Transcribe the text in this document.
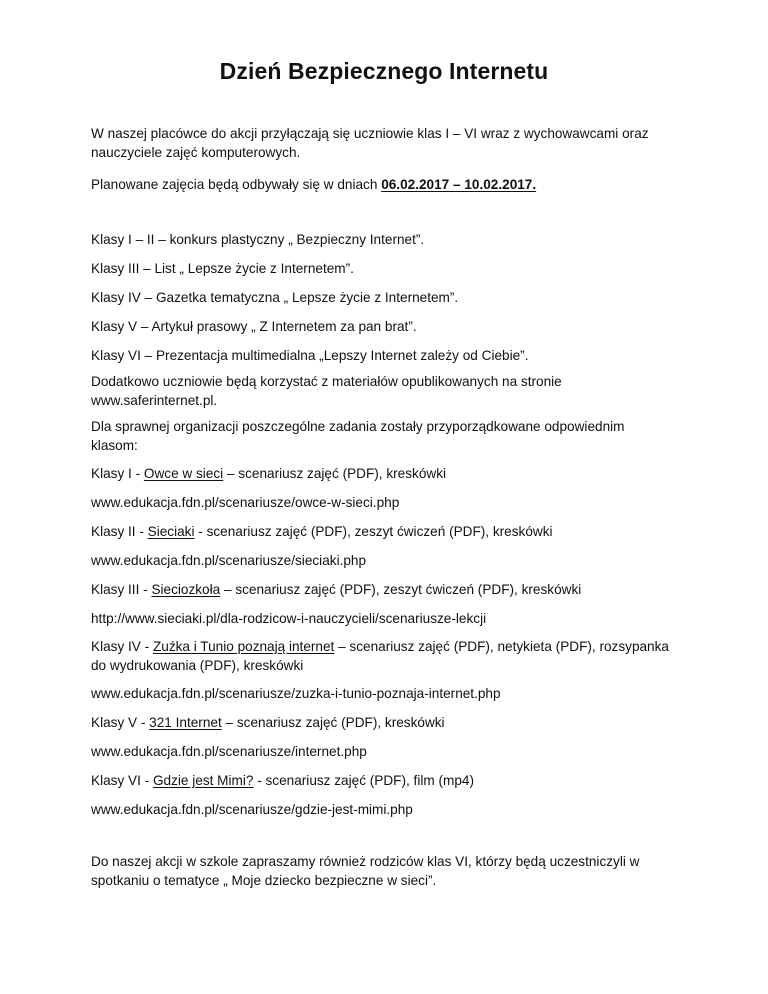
Dzień Bezpiecznego Internetu
W naszej placówce do akcji przyłączają się uczniowie klas I – VI wraz z wychowawcami oraz nauczyciele zajęć komputerowych.
Planowane zajęcia będą odbywały się w dniach 06.02.2017 – 10.02.2017.
Klasy I – II – konkurs plastyczny „ Bezpieczny Internet”.
Klasy III – List „ Lepsze życie z Internetem”.
Klasy IV – Gazetka tematyczna „ Lepsze życie z Internetem”.
Klasy V – Artykuł prasowy „ Z Internetem za pan brat”.
Klasy VI – Prezentacja multimedialna „Lepszy Internet zależy od Ciebie”.
Dodatkowo uczniowie będą korzystać z materiałów opublikowanych na stronie www.saferinternet.pl.
Dla sprawnej organizacji poszczególne zadania zostały przyporządkowane odpowiednim klasom:
Klasy I - Owce w sieci – scenariusz zajęć (PDF), kreskówki
www.edukacja.fdn.pl/scenariusze/owce-w-sieci.php
Klasy II - Sieciaki - scenariusz zajęć (PDF), zeszyt ćwiczeń (PDF), kreskówki
www.edukacja.fdn.pl/scenariusze/sieciaki.php
Klasy III - Sieciozkoła – scenariusz zajęć (PDF), zeszyt ćwiczeń (PDF), kreskówki
http://www.sieciaki.pl/dla-rodzicow-i-nauczycieli/scenariusze-lekcji
Klasy IV - Zuźka i Tunio poznają internet – scenariusz zajęć (PDF), netykieta (PDF), rozsypanka do wydrukowania (PDF), kreskówki
www.edukacja.fdn.pl/scenariusze/zuzka-i-tunio-poznaja-internet.php
Klasy V - 321 Internet – scenariusz zajęć (PDF), kreskówki
www.edukacja.fdn.pl/scenariusze/internet.php
Klasy VI - Gdzie jest Mimi? - scenariusz zajęć (PDF), film (mp4)
www.edukacja.fdn.pl/scenariusze/gdzie-jest-mimi.php
Do naszej akcji w szkole zapraszamy również rodziców klas VI, którzy będą uczestniczyli w spotkaniu o tematyce „ Moje dziecko bezpieczne w sieci”.
